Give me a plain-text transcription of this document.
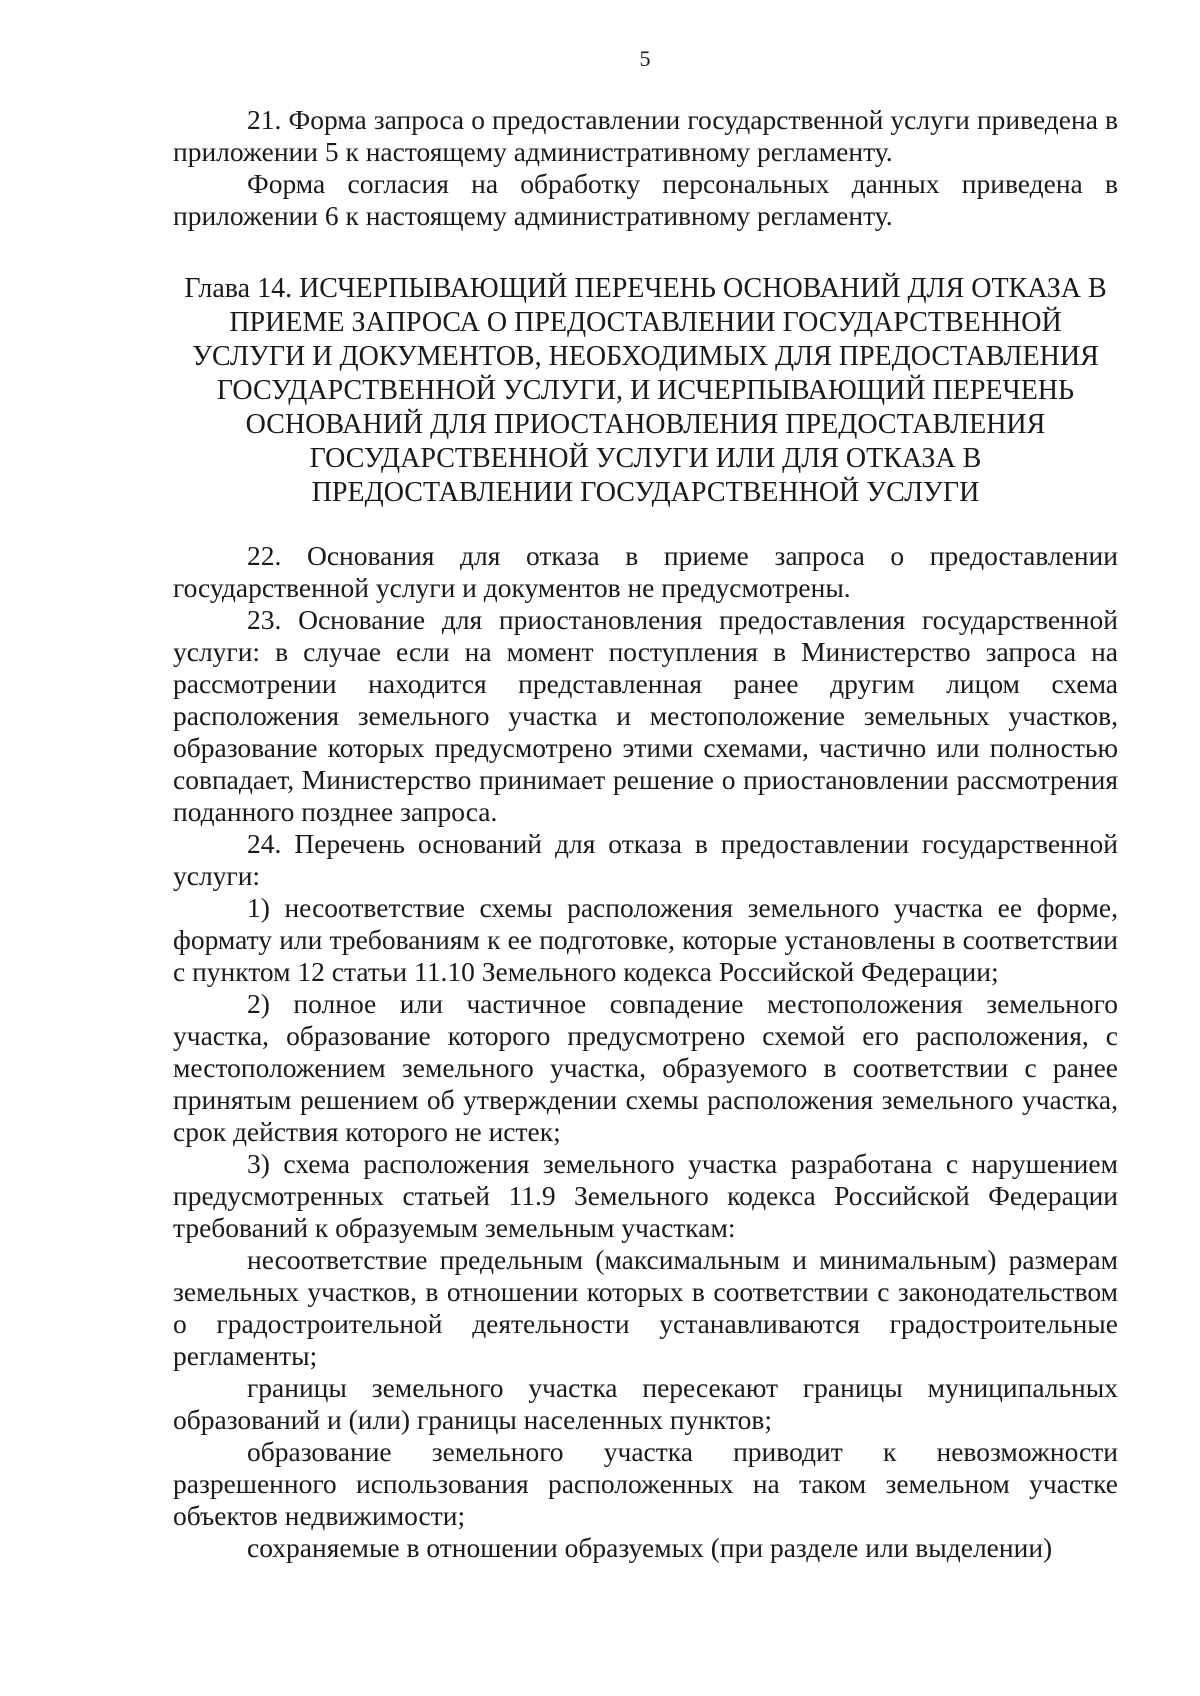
5

21. Форма запроса о предоставлении государственной услуги приведена в приложении 5 к настоящему административному регламенту.

Форма согласия на обработку персональных данных приведена в приложении 6 к настоящему административному регламенту.

Глава 14. ИСЧЕРПЫВАЮЩИЙ ПЕРЕЧЕНЬ ОСНОВАНИЙ ДЛЯ ОТКАЗА В
ПРИЕМЕ ЗАПРОСА О ПРЕДОСТАВЛЕНИИ ГОСУДАРСТВЕННОЙ
УСЛУГИ И ДОКУМЕНТОВ, НЕОБХОДИМЫХ ДЛЯ ПРЕДОСТАВЛЕНИЯ
ГОСУДАРСТВЕННОЙ УСЛУГИ, И ИСЧЕРПЫВАЮЩИЙ ПЕРЕЧЕНЬ
ОСНОВАНИЙ ДЛЯ ПРИОСТАНОВЛЕНИЯ ПРЕДОСТАВЛЕНИЯ
ГОСУДАРСТВЕННОЙ УСЛУГИ ИЛИ ДЛЯ ОТКАЗА В
ПРЕДОСТАВЛЕНИИ ГОСУДАРСТВЕННОЙ УСЛУГИ

22. Основания для отказа в приеме запроса о предоставлении государственной услуги и документов не предусмотрены.

23. Основание для приостановления предоставления государственной услуги: в случае если на момент поступления в Министерство запроса на рассмотрении находится представленная ранее другим лицом схема расположения земельного участка и местоположение земельных участков, образование которых предусмотрено этими схемами, частично или полностью совпадает, Министерство принимает решение о приостановлении рассмотрения поданного позднее запроса.

24. Перечень оснований для отказа в предоставлении государственной услуги:

1) несоответствие схемы расположения земельного участка ее форме, формату или требованиям к ее подготовке, которые установлены в соответствии с пунктом 12 статьи 11.10 Земельного кодекса Российской Федерации;

2) полное или частичное совпадение местоположения земельного участка, образование которого предусмотрено схемой его расположения, с местоположением земельного участка, образуемого в соответствии с ранее принятым решением об утверждении схемы расположения земельного участка, срок действия которого не истек;

3) схема расположения земельного участка разработана с нарушением предусмотренных статьей 11.9 Земельного кодекса Российской Федерации требований к образуемым земельным участкам:

несоответствие предельным (максимальным и минимальным) размерам земельных участков, в отношении которых в соответствии с законодательством о градостроительной деятельности устанавливаются градостроительные регламенты;

границы земельного участка пересекают границы муниципальных образований и (или) границы населенных пунктов;

образование земельного участка приводит к невозможности разрешенного использования расположенных на таком земельном участке объектов недвижимости;

сохраняемые в отношении образуемых (при разделе или выделении)
